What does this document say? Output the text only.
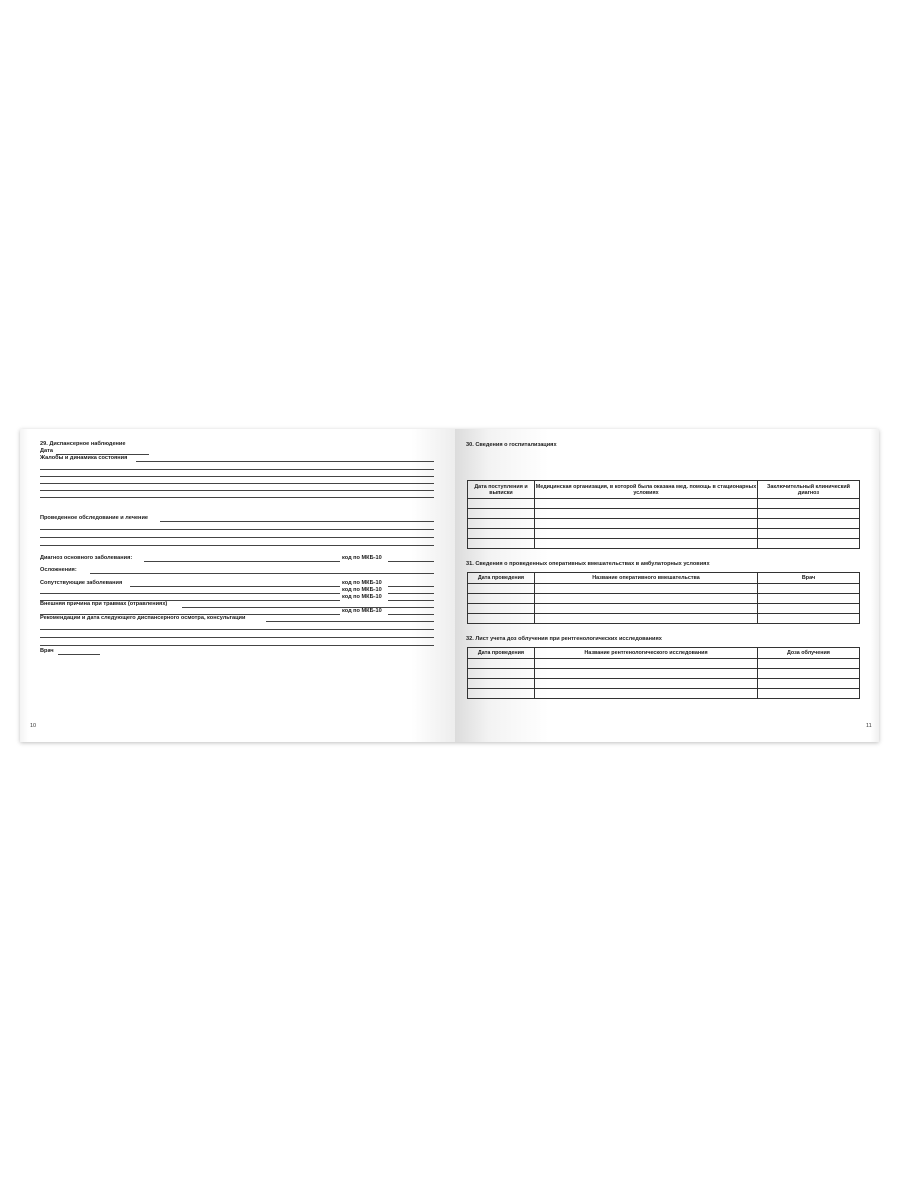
29. Диспансерное наблюдение
Дата
Жалобы и динамика состояния
Проведенное обследование и лечение
Диагноз основного заболевания:	код по МКБ-10
Осложнения:
Сопутствующие заболевания	код по МКБ-10
код по МКБ-10
код по МКБ-10
Внешняя причина при травмах (отравлениях)
код по МКБ-10
Рекомендации и дата следующего диспансерного осмотра, консультации
Врач
10
30. Сведения о госпитализациях
Дата поступления и выписки	Медицинская организация, в которой была оказана мед. помощь в стационарных условиях	Заключительный клинический диагноз

31. Сведения о проведенных оперативных вмешательствах в амбулаторных условиях
Дата проведения	Название оперативного вмешательства	Врач

32. Лист учета доз облучения при рентгенологических исследованиях
Дата проведения	Название рентгенологического исследования	Доза облучения

11
